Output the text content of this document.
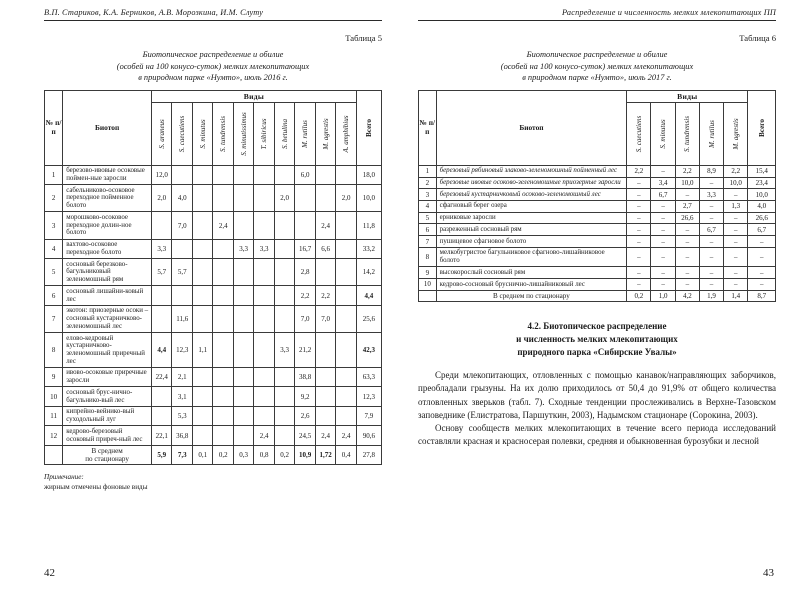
В.П. Стариков, К.А. Берников, А.В. Морозкина, И.М. Слуту
Таблица 5
Биотопическое распределение и обилие
(особей на 100 конусо-суток) мелких млекопитающих
в природном парке «Нумто», июль 2016 г.
№ п/п	Биотоп	Виды										Всего

		S. araneus	S. caecutiens	S. minutus	S. tundrensis	S. minutissimus	T. sibiricus	S. betulina	M. rutilus	M. agrestis	A. amphibius	

1	березово-ивовые осоковые поймен-ные заросли	12,0							6,0			18,0
2	сабельниково-осоковое переходное пойменное болото	2,0	4,0					2,0			2,0	10,0
3	морошково-осоковое переходное долин-ное болото		7,0		2,4					2,4		11,8
4	вахтово-осоковое переходное болото	3,3				3,3	3,3		16,7	6,6		33,2
5	сосновый березково-багульниковый зеленомошный рям	5,7	5,7						2,8			14,2
6	сосновый лишайни-ковый лес								2,2	2,2		4,4
7	экотон: приозерные осоки – сосновый кустарничково-зеленомошный лес		11,6						7,0	7,0		25,6
8	елово-кедровый кустарничково-зеленомошный приречный лес	4,4	12,3	1,1				3,3	21,2			42,3
9	ивово-осоковые приречные заросли	22,4	2,1						38,8			63,3
10	сосновый брус-нично-багульнико-вый лес		3,1						9,2			12,3
11	кипрейно-вейнико-вый суходольный луг		5,3						2,6			7,9
12	кедрово-березовый осоковый приреч-ный лес	22,1	36,8				2,4		24,5	2,4	2,4	90,6

	В среднем
по стационару	5,9	7,3	0,1	0,2	0,3	0,8	0,2	10,9	1,72	0,4	27,8
Примечание:
жирным отмечены фоновые виды
42
Распределение и численность мелких млекопитающих ПП
Таблица 6
Биотопическое распределение и обилие
(особей на 100 конусо-суток) мелких млекопитающих
в природном парке «Нумто», июль 2017 г.
№ п/п	Биотоп	Виды					Всего

		S. caecutiens	S. minutus	S. tundrensis	M. rutilus	M. agrestis	

1	березовый рябиновый злаково-зеленомошный пойменный лес	2,2	–	2,2	8,9	2,2	15,4
2	березовые ивовые осоково-зеленомошные приозерные заросли	–	3,4	10,0	–	10,0	23,4
3	березовый кустарничковый осоково-зеленомошный лес	–	6,7	–	3,3	–	10,0
4	сфагновый берег озера	–	–	2,7	–	1,3	4,0
5	ерниковые заросли	–	–	26,6	–	–	26,6
6	разреженный сосновый рям	–	–	–	6,7	–	6,7
7	пушицевое сфагновое болото	–	–	–	–	–	–
8	мелкобугристое багульниковое сфагново-лишайниковое болото	–	–	–	–	–	–
9	высокорослый сосновый рям	–	–	–	–	–	–
10	кедрово-сосновый бруснично-лишайниковый лес	–	–	–	–	–	–
	В среднем по стационару	0,2	1,0	4,2	1,9	1,4	8,7
4.2. Биотопическое распределение
и численность мелких млекопитающих
природного парка «Сибирские Увалы»

Среди млекопитающих, отловленных с помощью канавок/направляющих заборчиков, преобладали грызуны. На их долю приходилось от 50,4 до 91,9% от общего количества отловленных зверьков (табл. 7). Сходные тенденции прослеживались в Верхне-Тазовском заповеднике (Елистратова, Паршуткин, 2003), Надымском стационаре (Сорокина, 2003).

Основу сообществ мелких млекопитающих в течение всего периода исследований составляли красная и красносерая полевки, средняя и обыкновенная бурозубки и лесной

43
